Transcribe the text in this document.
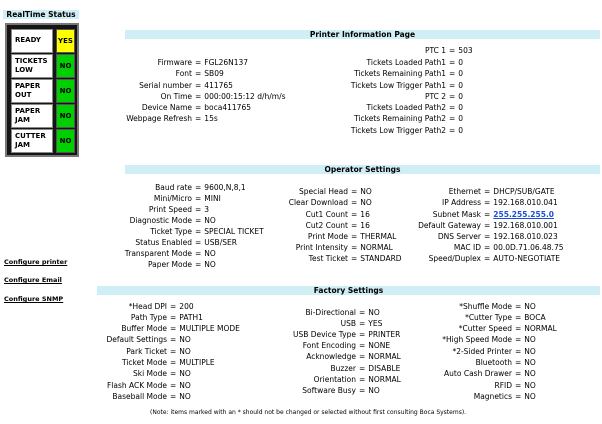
RealTime Status
READY	YES
TICKETS LOW	NO
PAPER OUT	NO
PAPER JAM	NO
CUTTER JAM	NO
Configure printer
Configure Email
Configure SNMP
Printer Information Page
Firmware = FGL26N137
Font = SB09
Serial number = 411765
On Time = 000:00:15:12 d/h/m/s
Device Name = boca411765
Webpage Refresh = 15s
PTC 1 = 503
Tickets Loaded Path1 = 0
Tickets Remaining Path1 = 0
Tickets Low Trigger Path1 = 0
PTC 2 = 0
Tickets Loaded Path2 = 0
Tickets Remaining Path2 = 0
Tickets Low Trigger Path2 = 0
Operator Settings
Baud rate = 9600,N,8,1
Mini/Micro = MINI
Print Speed = 3
Diagnostic Mode = NO
Ticket Type = SPECIAL TICKET
Status Enabled = USB/SER
Transparent Mode = NO
Paper Mode = NO
Special Head = NO
Clear Download = NO
Cut1 Count = 16
Cut2 Count = 16
Print Mode = THERMAL
Print Intensity = NORMAL
Test Ticket = STANDARD
Ethernet = DHCP/SUB/GATE
IP Address = 192.168.010.041
Subnet Mask = 255.255.255.0
Default Gateway = 192.168.010.001
DNS Server = 192.168.010.023
MAC ID = 00.0D.71.06.48.75
Speed/Duplex = AUTO-NEGOTIATE
Factory Settings
*Head DPI = 200
Path Type = PATH1
Buffer Mode = MULTIPLE MODE
Default Settings = NO
Park Ticket = NO
Ticket Mode = MULTIPLE
Ski Mode = NO
Flash ACK Mode = NO
Baseball Mode = NO
Bi-Directional = NO
USB = YES
USB Device Type = PRINTER
Font Encoding = NONE
Acknowledge = NORMAL
Buzzer = DISABLE
Orientation = NORMAL
Software Busy = NO
*Shuffle Mode = NO
*Cutter Type = BOCA
*Cutter Speed = NORMAL
*High Speed Mode = NO
*2-Sided Printer = NO
Bluetooth = NO
Auto Cash Drawer = NO
RFID = NO
Magnetics = NO
(Note: items marked with an * should not be changed or selected without first consulting Boca Systems).
